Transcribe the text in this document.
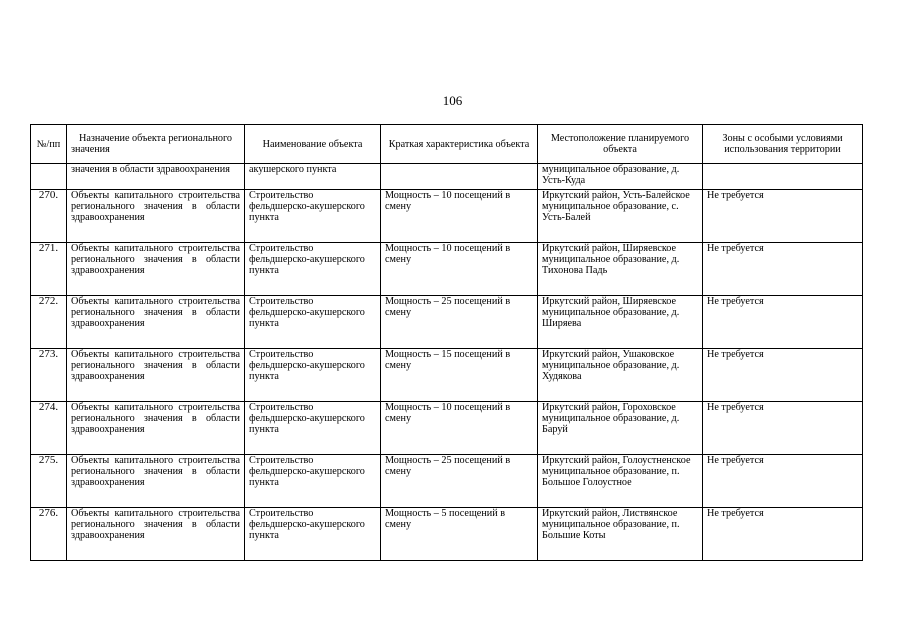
106
№/пп	Назначение объекта регионального значения	Наименование объекта	Краткая характеристика объекта	Местоположение планируемого объекта	Зоны с особыми условиями использования территории
	значения в области здравоохранения	акушерского пункта		муниципальное образование, д. Усть-Куда	
270.	Объекты капитального строительства регионального значения в области здравоохранения	Строительство фельдшерско-акушерского пункта	Мощность – 10 посещений в смену	Иркутский район, Усть-Балейское муниципальное образование, с. Усть-Балей	Не требуется
271.	Объекты капитального строительства регионального значения в области здравоохранения	Строительство фельдшерско-акушерского пункта	Мощность – 10 посещений в смену	Иркутский район, Ширяевское муниципальное образование, д. Тихонова Падь	Не требуется
272.	Объекты капитального строительства регионального значения в области здравоохранения	Строительство фельдшерско-акушерского пункта	Мощность – 25 посещений в смену	Иркутский район, Ширяевское муниципальное образование, д. Ширяева	Не требуется
273.	Объекты капитального строительства регионального значения в области здравоохранения	Строительство фельдшерско-акушерского пункта	Мощность – 15 посещений в смену	Иркутский район, Ушаковское муниципальное образование, д. Худякова	Не требуется
274.	Объекты капитального строительства регионального значения в области здравоохранения	Строительство фельдшерско-акушерского пункта	Мощность – 10 посещений в смену	Иркутский район, Гороховское муниципальное образование, д. Баруй	Не требуется
275.	Объекты капитального строительства регионального значения в области здравоохранения	Строительство фельдшерско-акушерского пункта	Мощность – 25 посещений в смену	Иркутский район, Голоустненское муниципальное образование, п. Большое Голоустное	Не требуется
276.	Объекты капитального строительства регионального значения в области здравоохранения	Строительство фельдшерско-акушерского пункта	Мощность – 5 посещений в смену	Иркутский район, Листвянское муниципальное образование, п. Большие Коты	Не требуется
